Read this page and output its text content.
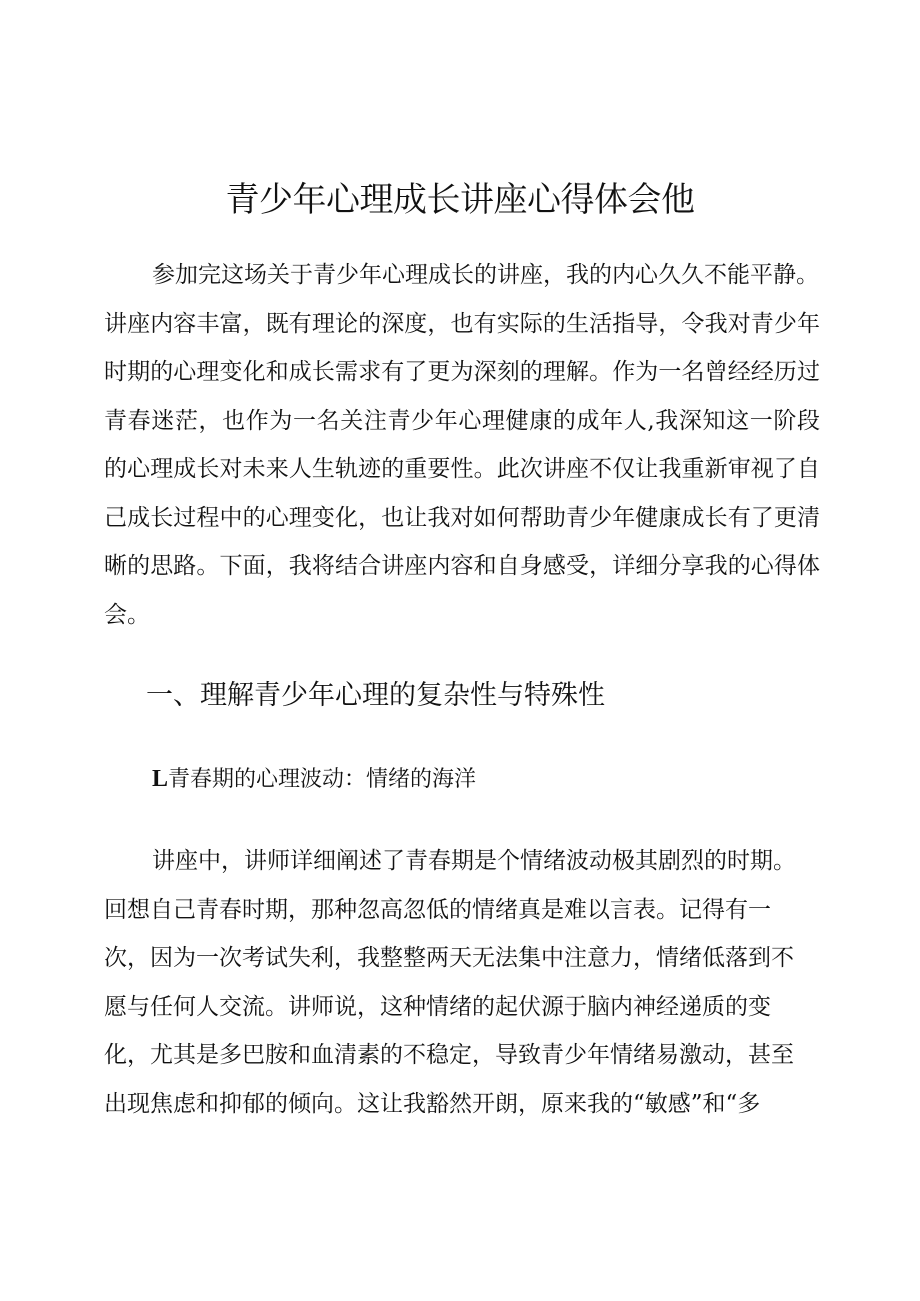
青少年心理成长讲座心得体会他
参加完这场关于青少年心理成长的讲座，我的内心久久不能平静。
讲座内容丰富，既有理论的深度，也有实际的生活指导，令我对青少年
时期的心理变化和成长需求有了更为深刻的理解。作为一名曾经经历过
青春迷茫，也作为一名关注青少年心理健康的成年人,我深知这一阶段
的心理成长对未来人生轨迹的重要性。此次讲座不仅让我重新审视了自
己成长过程中的心理变化，也让我对如何帮助青少年健康成长有了更清
晰的思路。下面，我将结合讲座内容和自身感受，详细分享我的心得体
会。
一、理解青少年心理的复杂性与特殊性
L青春期的心理波动：情绪的海洋
讲座中，讲师详细阐述了青春期是个情绪波动极其剧烈的时期。
回想自己青春时期，那种忽高忽低的情绪真是难以言表。记得有一
次，因为一次考试失利，我整整两天无法集中注意力，情绪低落到不
愿与任何人交流。讲师说，这种情绪的起伏源于脑内神经递质的变
化，尤其是多巴胺和血清素的不稳定，导致青少年情绪易激动，甚至
出现焦虑和抑郁的倾向。这让我豁然开朗，原来我的“敏感”和“多
